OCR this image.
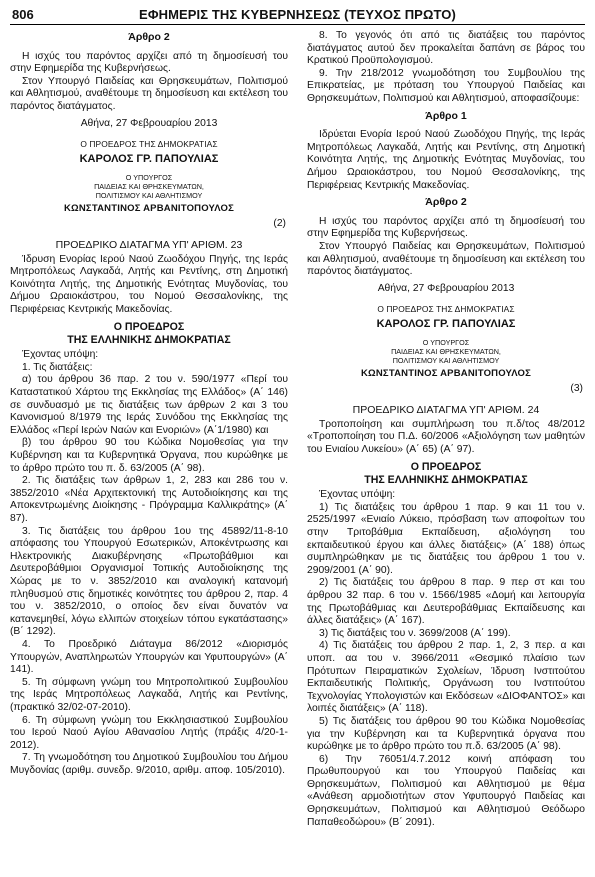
806	ΕΦΗΜΕΡΙΣ ΤΗΣ ΚΥΒΕΡΝΗΣΕΩΣ (ΤΕΥΧΟΣ ΠΡΩΤΟ)

Άρθρο 2

Η ισχύς του παρόντος αρχίζει από τη δημοσίευσή του στην Εφημερίδα της Κυβερνήσεως.

Στον Υπουργό Παιδείας και Θρησκευμάτων, Πολιτισμού και Αθλητισμού, αναθέτουμε τη δημοσίευση και εκτέλεση του παρόντος διατάγματος.

Αθήνα, 27 Φεβρουαρίου 2013

Ο ΠΡΟΕΔΡΟΣ ΤΗΣ ΔΗΜΟΚΡΑΤΙΑΣ

ΚΑΡΟΛΟΣ ΓΡ. ΠΑΠΟΥΛΙΑΣ

Ο ΥΠΟΥΡΓΟΣ
ΠΑΙΔΕΙΑΣ ΚΑΙ ΘΡΗΣΚΕΥΜΑΤΩΝ,
ΠΟΛΙΤΙΣΜΟΥ ΚΑΙ ΑΘΛΗΤΙΣΜΟΥ

ΚΩΝΣΤΑΝΤΙΝΟΣ ΑΡΒΑΝΙΤΟΠΟΥΛΟΣ

(2)

ΠΡΟΕΔΡΙΚΟ ΔΙΑΤΑΓΜΑ ΥΠ' ΑΡΙΘΜ. 23

Ίδρυση Ενορίας Ιερού Ναού Ζωοδόχου Πηγής, της Ιεράς Μητροπόλεως Λαγκαδά, Λητής και Ρεντίνης, στη Δημοτική Κοινότητα Λητής, της Δημοτικής Ενότητας Μυγδονίας, του Δήμου Ωραιοκάστρου, του Νομού Θεσσαλονίκης, της Περιφέρειας Κεντρικής Μακεδονίας.

Ο ΠΡΟΕΔΡΟΣ
ΤΗΣ ΕΛΛΗΝΙΚΗΣ ΔΗΜΟΚΡΑΤΙΑΣ

Έχοντας υπόψη:

1. Τις διατάξεις:

α) του άρθρου 36 παρ. 2 του ν. 590/1977 «Περί του Καταστατικού Χάρτου της Εκκλησίας της Ελλάδος» (Α΄ 146) σε συνδυασμό με τις διατάξεις των άρθρων 2 και 3 του Κανονισμού 8/1979 της Ιεράς Συνόδου της Εκκλησίας της Ελλάδος «Περί Ιερών Ναών και Ενοριών» (Α΄1/1980) και

β) του άρθρου 90 του Κώδικα Νομοθεσίας για την Κυβέρνηση και τα Κυβερνητικά Όργανα, που κυρώθηκε με το άρθρο πρώτο του π. δ. 63/2005 (Α΄ 98).

2. Τις διατάξεις των άρθρων 1, 2, 283 και 286 του ν. 3852/2010 «Νέα Αρχιτεκτονική της Αυτοδιοίκησης και της Αποκεντρωμένης Διοίκησης - Πρόγραμμα Καλλικράτης» (Α΄ 87).

3. Τις διατάξεις του άρθρου 1ου της 45892/11-8-10 απόφασης του Υπουργού Εσωτερικών, Αποκέντρωσης και Ηλεκτρονικής Διακυβέρνησης «Πρωτοβάθμιοι και Δευτεροβάθμιοι Οργανισμοί Τοπικής Αυτοδιοίκησης της Χώρας με το ν. 3852/2010 και αναλογική κατανομή πληθυσμού στις δημοτικές κοινότητες του άρθρου 2, παρ. 4 του ν. 3852/2010, ο οποίος δεν είναι δυνατόν να κατανεμηθεί, λόγω ελλιπών στοιχείων τόπου εγκατάστασης» (Β΄ 1292).

4. Το Προεδρικό Διάταγμα 86/2012 «Διορισμός Υπουργών, Αναπληρωτών Υπουργών και Υφυπουργών» (Α΄ 141).

5. Τη σύμφωνη γνώμη του Μητροπολιτικού Συμβουλίου της Ιεράς Μητροπόλεως Λαγκαδά, Λητής και Ρεντίνης, (πρακτικό 32/02-07-2010).

6. Τη σύμφωνη γνώμη του Εκκλησιαστικού Συμβουλίου του Ιερού Ναού Αγίου Αθανασίου Λητής (πράξις 4/20-1-2012).

7. Τη γνωμοδότηση του Δημοτικού Συμβουλίου του Δήμου Μυγδονίας (αριθμ. συνεδρ. 9/2010, αριθμ. αποφ. 105/2010).

8. Το γεγονός ότι από τις διατάξεις του παρόντος διατάγματος αυτού δεν προκαλείται δαπάνη σε βάρος του Κρατικού Προϋπολογισμού.

9. Την 218/2012 γνωμοδότηση του Συμβουλίου της Επικρατείας, με πρόταση του Υπουργού Παιδείας και Θρησκευμάτων, Πολιτισμού και Αθλητισμού, αποφασίζουμε:

Άρθρο 1

Ιδρύεται Ενορία Ιερού Ναού Ζωοδόχου Πηγής, της Ιεράς Μητροπόλεως Λαγκαδά, Λητής και Ρεντίνης, στη Δημοτική Κοινότητα Λητής, της Δημοτικής Ενότητας Μυγδονίας, του Δήμου Ωραιοκάστρου, του Νομού Θεσσαλονίκης, της Περιφέρειας Κεντρικής Μακεδονίας.

Άρθρο 2

Η ισχύς του παρόντος αρχίζει από τη δημοσίευσή του στην Εφημερίδα της Κυβερνήσεως.

Στον Υπουργό Παιδείας και Θρησκευμάτων, Πολιτισμού και Αθλητισμού, αναθέτουμε τη δημοσίευση και εκτέλεση του παρόντος διατάγματος.

Αθήνα, 27 Φεβρουαρίου 2013

Ο ΠΡΟΕΔΡΟΣ ΤΗΣ ΔΗΜΟΚΡΑΤΙΑΣ

ΚΑΡΟΛΟΣ ΓΡ. ΠΑΠΟΥΛΙΑΣ

Ο ΥΠΟΥΡΓΟΣ
ΠΑΙΔΕΙΑΣ ΚΑΙ ΘΡΗΣΚΕΥΜΑΤΩΝ,
ΠΟΛΙΤΙΣΜΟΥ ΚΑΙ ΑΘΛΗΤΙΣΜΟΥ

ΚΩΝΣΤΑΝΤΙΝΟΣ ΑΡΒΑΝΙΤΟΠΟΥΛΟΣ

(3)

ΠΡΟΕΔΡΙΚΟ ΔΙΑΤΑΓΜΑ ΥΠ' ΑΡΙΘΜ. 24

Τροποποίηση και συμπλήρωση του π.δ/τος 48/2012 «Τροποποίηση του Π.Δ. 60/2006 «Αξιολόγηση των μαθητών του Ενιαίου Λυκείου» (Α΄ 65) (Α΄ 97).

Ο ΠΡΟΕΔΡΟΣ
ΤΗΣ ΕΛΛΗΝΙΚΗΣ ΔΗΜΟΚΡΑΤΙΑΣ

Έχοντας υπόψη:

1) Τις διατάξεις του άρθρου 1 παρ. 9 και 11 του ν. 2525/1997 «Ενιαίο Λύκειο, πρόσβαση των αποφοίτων του στην Τριτοβάθμια Εκπαίδευση, αξιολόγηση του εκπαιδευτικού έργου και άλλες διατάξεις» (Α΄ 188) όπως συμπληρώθηκαν με τις διατάξεις του άρθρου 1 του ν. 2909/2001 (Α΄ 90).

2) Τις διατάξεις του άρθρου 8 παρ. 9 περ στ και του άρθρου 32 παρ. 6 του ν. 1566/1985 «Δομή και λειτουργία της Πρωτοβάθμιας και Δευτεροβάθμιας Εκπαίδευσης και άλλες διατάξεις» (Α΄ 167).

3) Τις διατάξεις του ν. 3699/2008 (Α΄ 199).

4) Τις διατάξεις του άρθρου 2 παρ. 1, 2, 3 περ. α και υποπ. αα του ν. 3966/2011 «Θεσμικό πλαίσιο των Πρότυπων Πειραματικών Σχολείων, Ίδρυση Ινστιτούτου Εκπαιδευτικής Πολιτικής, Οργάνωση του Ινστιτούτου Τεχνολογίας Υπολογιστών και Εκδόσεων «ΔΙΟΦΑΝΤΟΣ» και λοιπές διατάξεις» (Α΄ 118).

5) Τις διατάξεις του άρθρου 90 του Κώδικα Νομοθεσίας για την Κυβέρνηση και τα Κυβερνητικά όργανα που κυρώθηκε με το άρθρο πρώτο του π.δ. 63/2005 (Α΄ 98).

6) Την 76051/4.7.2012 κοινή απόφαση του Πρωθυπουργού και του Υπουργού Παιδείας και Θρησκευμάτων, Πολιτισμού και Αθλητισμού με θέμα «Ανάθεση αρμοδιοτήτων στον Υφυπουργό Παιδείας και Θρησκευμάτων, Πολιτισμού και Αθλητισμού Θεόδωρο Παπαθεοδώρου» (Β΄ 2091).
